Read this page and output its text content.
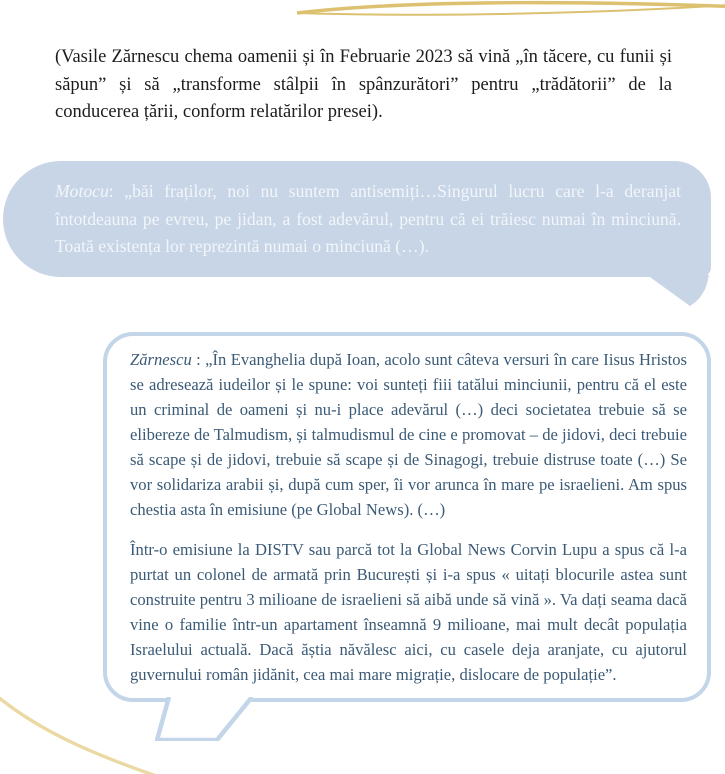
(Vasile Zărnescu chema oamenii și în Februarie 2023 să vină „în tăcere, cu funii și săpun” și să „transforme stâlpii în spânzurători” pentru „trădătorii” de la conducerea țării, conform relatărilor presei).

Motocu: „băi fraților, noi nu suntem antisemiți…Singurul lucru care l-a deranjat întotdeauna pe evreu, pe jidan, a fost adevărul, pentru că ei trăiesc numai în minciună. Toată existența lor reprezintă numai o minciună (…).

Zărnescu : „În Evanghelia după Ioan, acolo sunt câteva versuri în care Iisus Hristos se adresează iudeilor și le spune: voi sunteți fiii tatălui minciunii, pentru că el este un criminal de oameni și nu-i place adevărul (…) deci societatea trebuie să se elibereze de Talmudism, și talmudismul de cine e promovat – de jidovi, deci trebuie să scape și de jidovi, trebuie să scape și de Sinagogi, trebuie distruse toate (…) Se vor solidariza arabii și, după cum sper, îi vor arunca în mare pe israelieni. Am spus chestia asta în emisiune (pe Global News). (…)

Într-o emisiune la DISTV sau parcă tot la Global News Corvin Lupu a spus că l-a purtat un colonel de armată prin București și i-a spus « uitați blocurile astea sunt construite pentru 3 milioane de israelieni să aibă unde să vină ». Va dați seama dacă vine o familie într-un apartament înseamnă 9 milioane, mai mult decât populația Israelului actuală. Dacă ăștia năvălesc aici, cu casele deja aranjate, cu ajutorul guvernului român jidănit, cea mai mare migrație, dislocare de populație”.
